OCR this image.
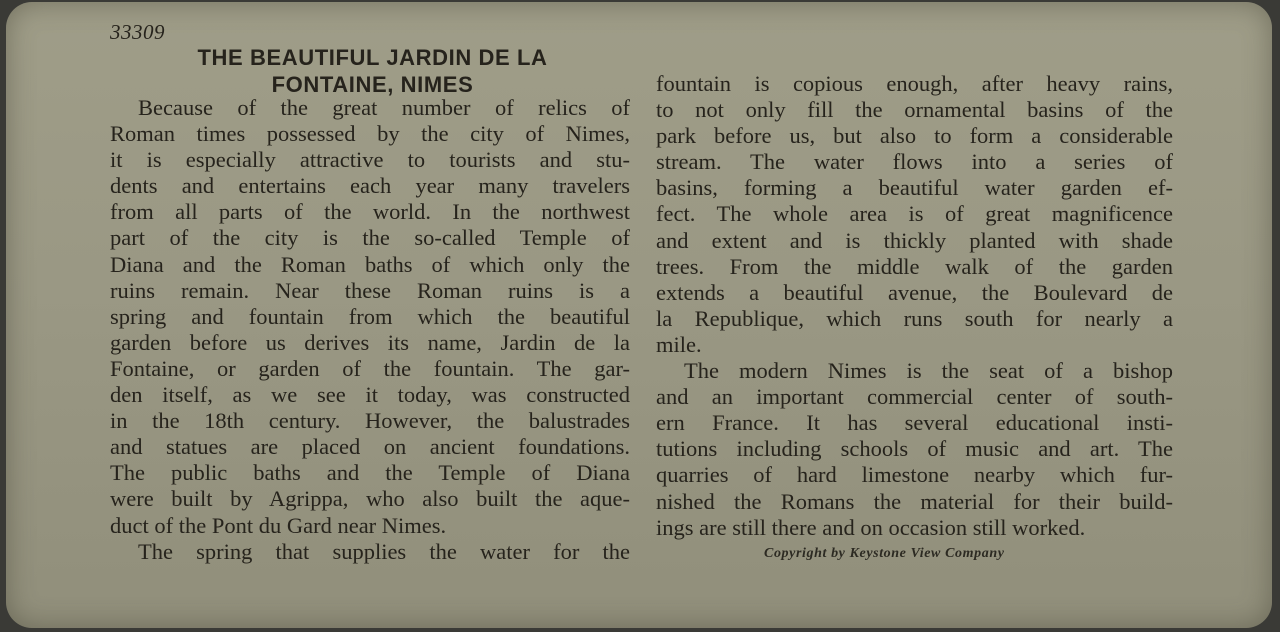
33309
THE BEAUTIFUL JARDIN DE LA
FONTAINE, NIMES
Because of the great number of relics of
Roman times possessed by the city of Nimes,
it is especially attractive to tourists and stu-
dents and entertains each year many travelers
from all parts of the world. In the northwest
part of the city is the so-called Temple of
Diana and the Roman baths of which only the
ruins remain. Near these Roman ruins is a
spring and fountain from which the beautiful
garden before us derives its name, Jardin de la
Fontaine, or garden of the fountain. The gar-
den itself, as we see it today, was constructed
in the 18th century. However, the balustrades
and statues are placed on ancient foundations.
The public baths and the Temple of Diana
were built by Agrippa, who also built the aque-
duct of the Pont du Gard near Nimes.
The spring that supplies the water for the
fountain is copious enough, after heavy rains,
to not only fill the ornamental basins of the
park before us, but also to form a considerable
stream. The water flows into a series of
basins, forming a beautiful water garden ef-
fect. The whole area is of great magnificence
and extent and is thickly planted with shade
trees. From the middle walk of the garden
extends a beautiful avenue, the Boulevard de
la Republique, which runs south for nearly a
mile.
The modern Nimes is the seat of a bishop
and an important commercial center of south-
ern France. It has several educational insti-
tutions including schools of music and art. The
quarries of hard limestone nearby which fur-
nished the Romans the material for their build-
ings are still there and on occasion still worked.
Copyright by Keystone View Company
